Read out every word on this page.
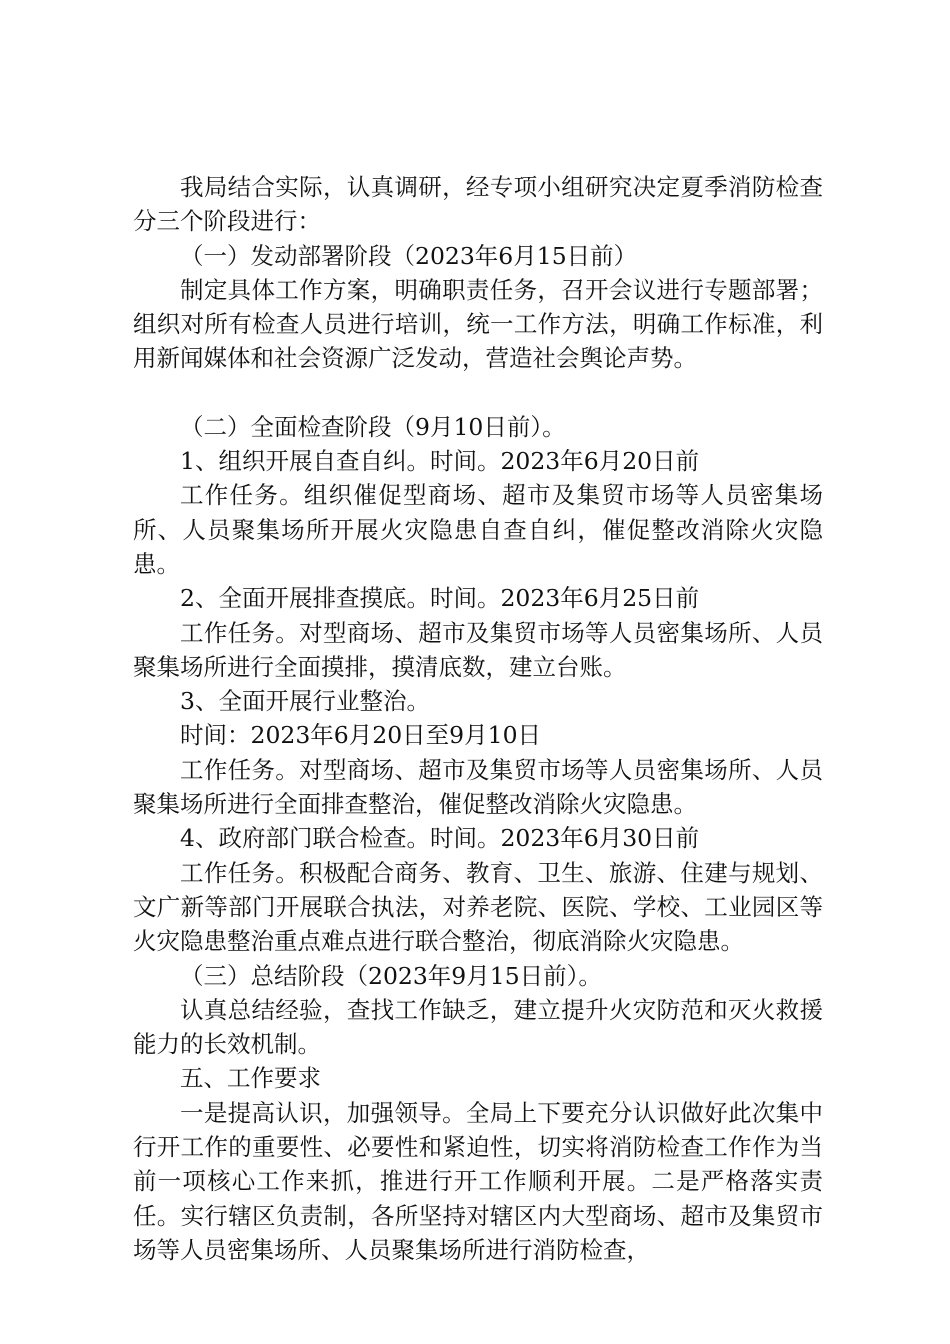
我局结合实际，认真调研，经专项小组研究决定夏季消防检查分三个阶段进行：

（一）发动部署阶段（2023年6月15日前）

制定具体工作方案，明确职责任务，召开会议进行专题部署；组织对所有检查人员进行培训，统一工作方法，明确工作标准，利用新闻媒体和社会资源广泛发动，营造社会舆论声势。

（二）全面检查阶段（9月10日前）。

1、组织开展自查自纠。时间。2023年6月20日前

工作任务。组织催促型商场、超市及集贸市场等人员密集场所、人员聚集场所开展火灾隐患自查自纠，催促整改消除火灾隐患。

2、全面开展排查摸底。时间。2023年6月25日前

工作任务。对型商场、超市及集贸市场等人员密集场所、人员聚集场所进行全面摸排，摸清底数，建立台账。

3、全面开展行业整治。

时间：2023年6月20日至9月10日

工作任务。对型商场、超市及集贸市场等人员密集场所、人员聚集场所进行全面排查整治，催促整改消除火灾隐患。

4、政府部门联合检查。时间。2023年6月30日前

工作任务。积极配合商务、教育、卫生、旅游、住建与规划、文广新等部门开展联合执法，对养老院、医院、学校、工业园区等火灾隐患整治重点难点进行联合整治，彻底消除火灾隐患。

（三）总结阶段（2023年9月15日前）。

认真总结经验，查找工作缺乏，建立提升火灾防范和灭火救援能力的长效机制。

五、工作要求

一是提高认识，加强领导。全局上下要充分认识做好此次集中行开工作的重要性、必要性和紧迫性，切实将消防检查工作作为当前一项核心工作来抓，推进行开工作顺利开展。二是严格落实责任。实行辖区负责制，各所坚持对辖区内大型商场、超市及集贸市场等人员密集场所、人员聚集场所进行消防检查，
